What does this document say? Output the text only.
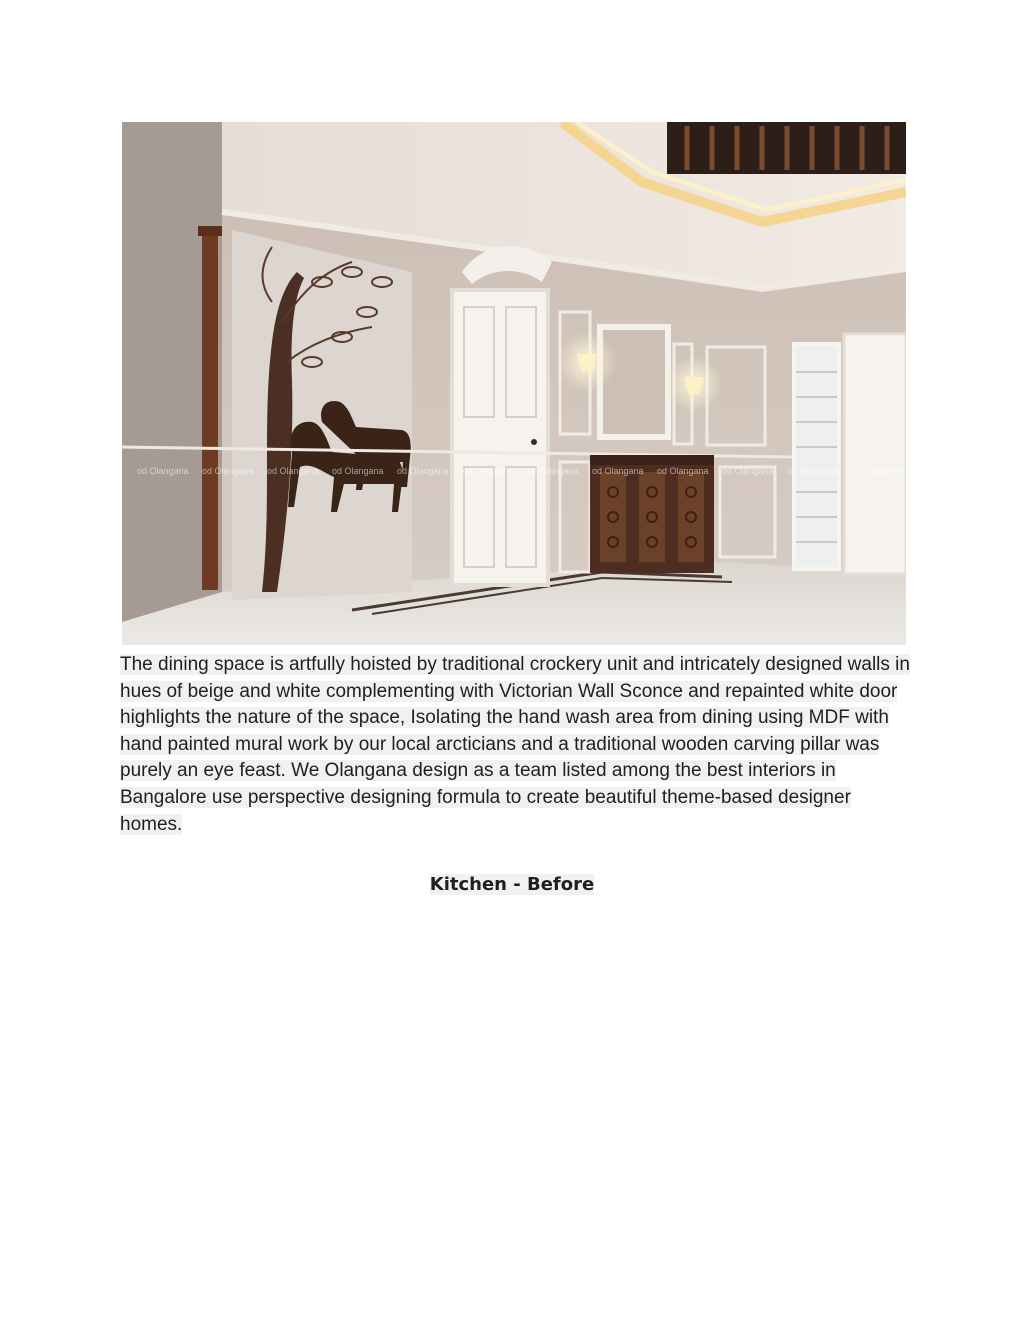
od Olangana od Olangana od Olangana od Olangana od Olangana od Olangana od Olangana od Olangana od Olangana od Olangana od Olangana od Olangana
The dining space is artfully hoisted by traditional crockery unit and intricately designed walls in hues of beige and white complementing with Victorian Wall Sconce and repainted white door highlights the nature of the space, Isolating the hand wash area from dining using MDF with hand painted mural work by our local arcticians and a traditional wooden carving pillar was purely an eye feast. We Olangana design as a team listed among the best interiors in Bangalore use perspective designing formula to create beautiful theme-based designer homes.
Kitchen - Before
